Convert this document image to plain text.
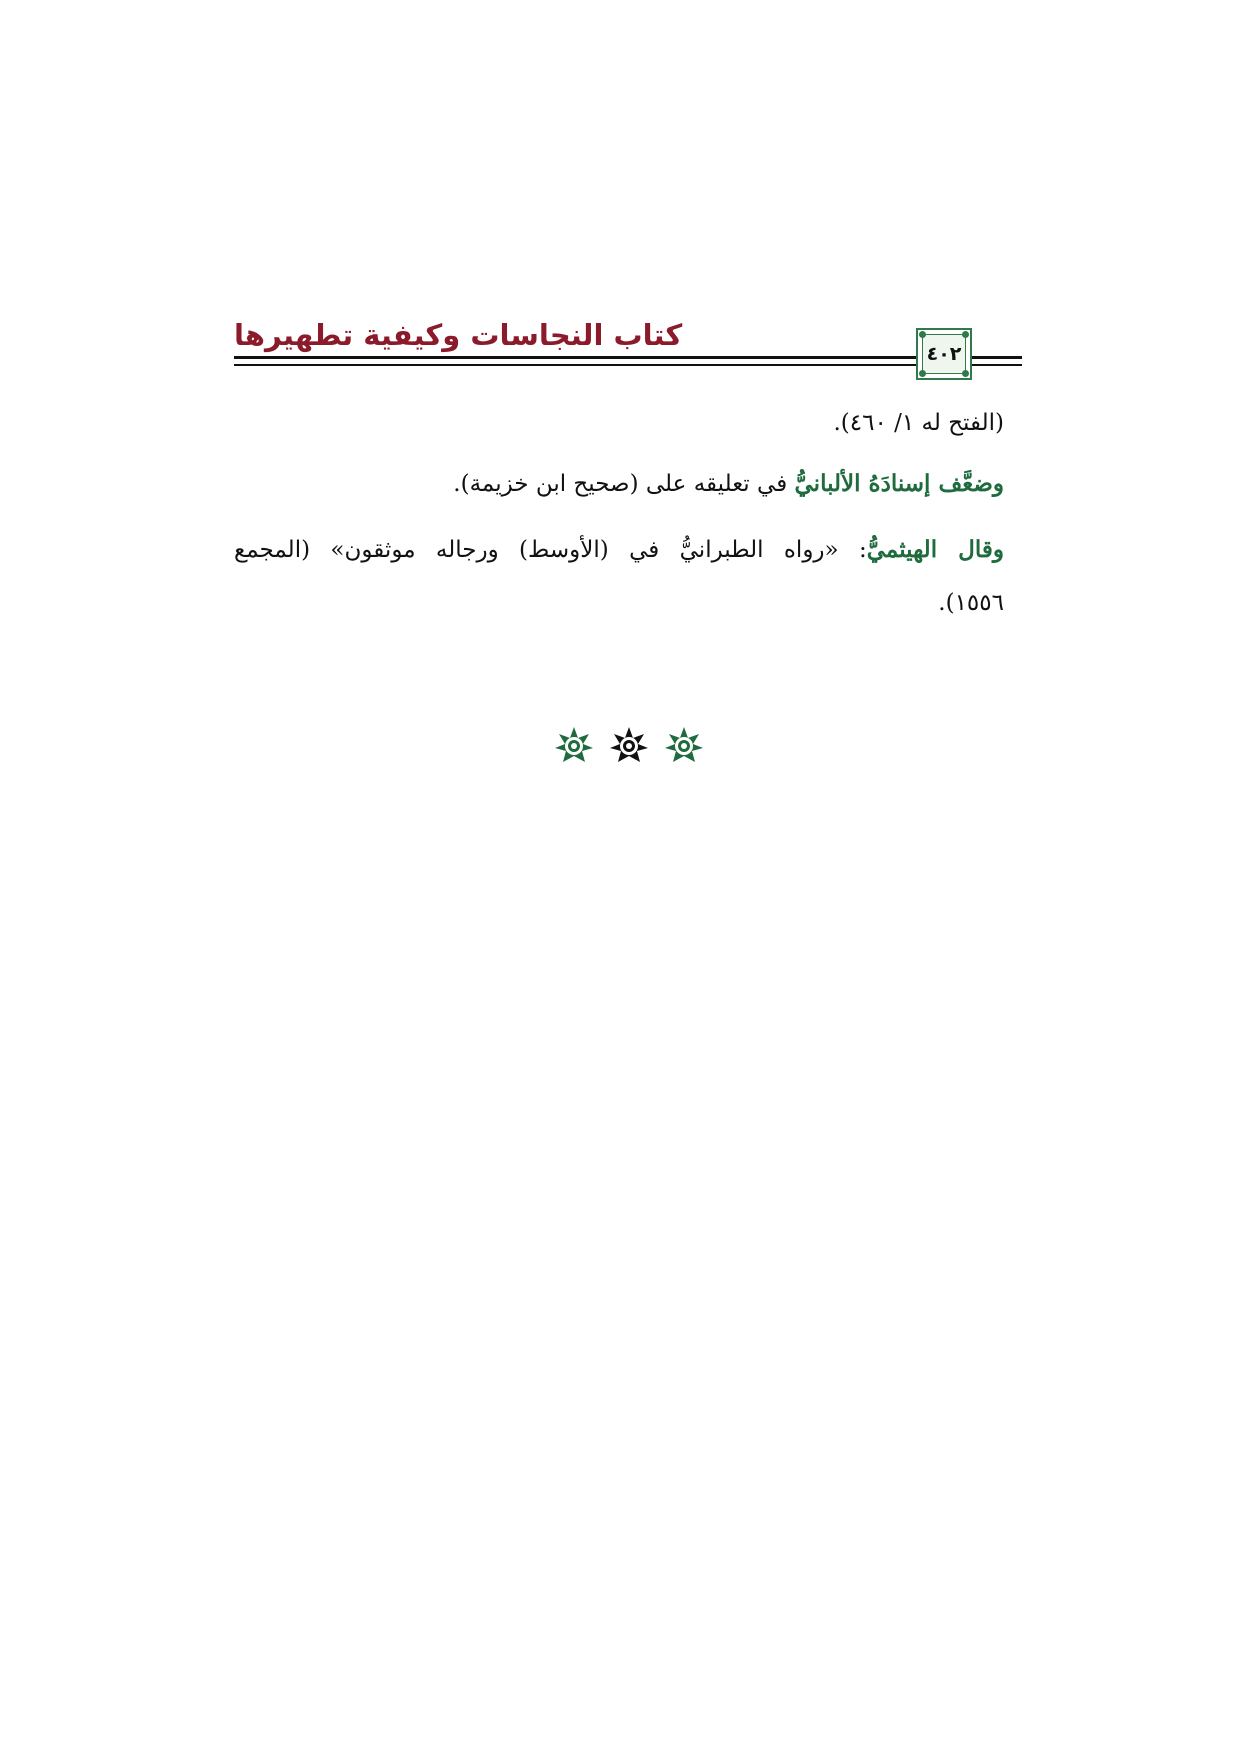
كتاب النجاسات وكيفية تطهيرها
٤٠٢
(الفتح له ١/ ٤٦٠).
وضعَّف إسنادَهُ الألبانيُّ في تعليقه على (صحيح ابن خزيمة).
وقال الهيثميُّ: «رواه الطبرانيُّ في (الأوسط) ورجاله موثقون» (المجمع
١٥٥٦).
